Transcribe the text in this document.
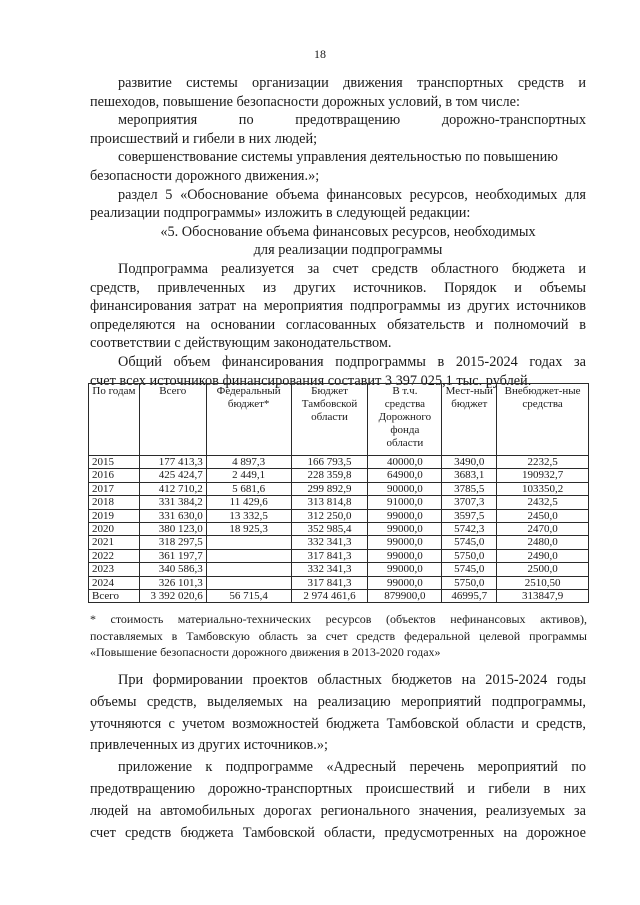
18

развитие системы организации движения транспортных средств и

пешеходов, повышение безопасности дорожных условий, в том числе:

мероприятия по предотвращению дорожно-транспортных

происшествий и гибели в них людей;

совершенствование системы управления деятельностью по повышению

безопасности дорожного движения.»;

раздел 5 «Обоснование объема финансовых ресурсов, необходимых для

реализации подпрограммы» изложить в следующей редакции:

«5. Обоснование объема финансовых ресурсов, необходимых

для реализации подпрограммы

Подпрограмма реализуется за счет средств областного бюджета и

средств, привлеченных из других источников. Порядок и объемы

финансирования затрат на мероприятия подпрограммы из других источников

определяются на основании согласованных обязательств и полномочий в

соответствии с действующим законодательством.

Общий объем финансирования подпрограммы в 2015-2024 годах за

счет всех источников финансирования составит 3 397 025,1 тыс. рублей.

По годам	Всего	Федеральный бюджет*	Бюджет Тамбовской области	В т.ч. средства Дорожного фонда области	Мест-ный бюджет	Внебюджет-ные средства
2015	177 413,3	4 897,3	166 793,5	40000,0	3490,0	2232,5
2016	425 424,7	2 449,1	228 359,8	64900,0	3683,1	190932,7
2017	412 710,2	5 681,6	299 892,9	90000,0	3785,5	103350,2
2018	331 384,2	11 429,6	313 814,8	91000,0	3707,3	2432,5
2019	331 630,0	13 332,5	312 250,0	99000,0	3597,5	2450,0
2020	380 123,0	18 925,3	352 985,4	99000,0	5742,3	2470,0
2021	318 297,5		332 341,3	99000,0	5745,0	2480,0
2022	361 197,7		317 841,3	99000,0	5750,0	2490,0
2023	340 586,3		332 341,3	99000,0	5745,0	2500,0
2024	326 101,3		317 841,3	99000,0	5750,0	2510,50
Всего	3 392 020,6	56 715,4	2 974 461,6	879900,0	46995,7	313847,9

* стоимость материально-технических ресурсов (объектов нефинансовых активов),

поставляемых в Тамбовскую область за счет средств федеральной целевой программы

«Повышение безопасности дорожного движения в 2013-2020 годах»

При формировании проектов областных бюджетов на 2015-2024 годы

объемы средств, выделяемых на реализацию мероприятий подпрограммы,

уточняются с учетом возможностей бюджета Тамбовской области и средств,

привлеченных из других источников.»;

приложение к подпрограмме «Адресный перечень мероприятий по

предотвращению дорожно-транспортных происшествий и гибели в них

людей на автомобильных дорогах регионального значения, реализуемых за

счет средств бюджета Тамбовской области, предусмотренных на дорожное
